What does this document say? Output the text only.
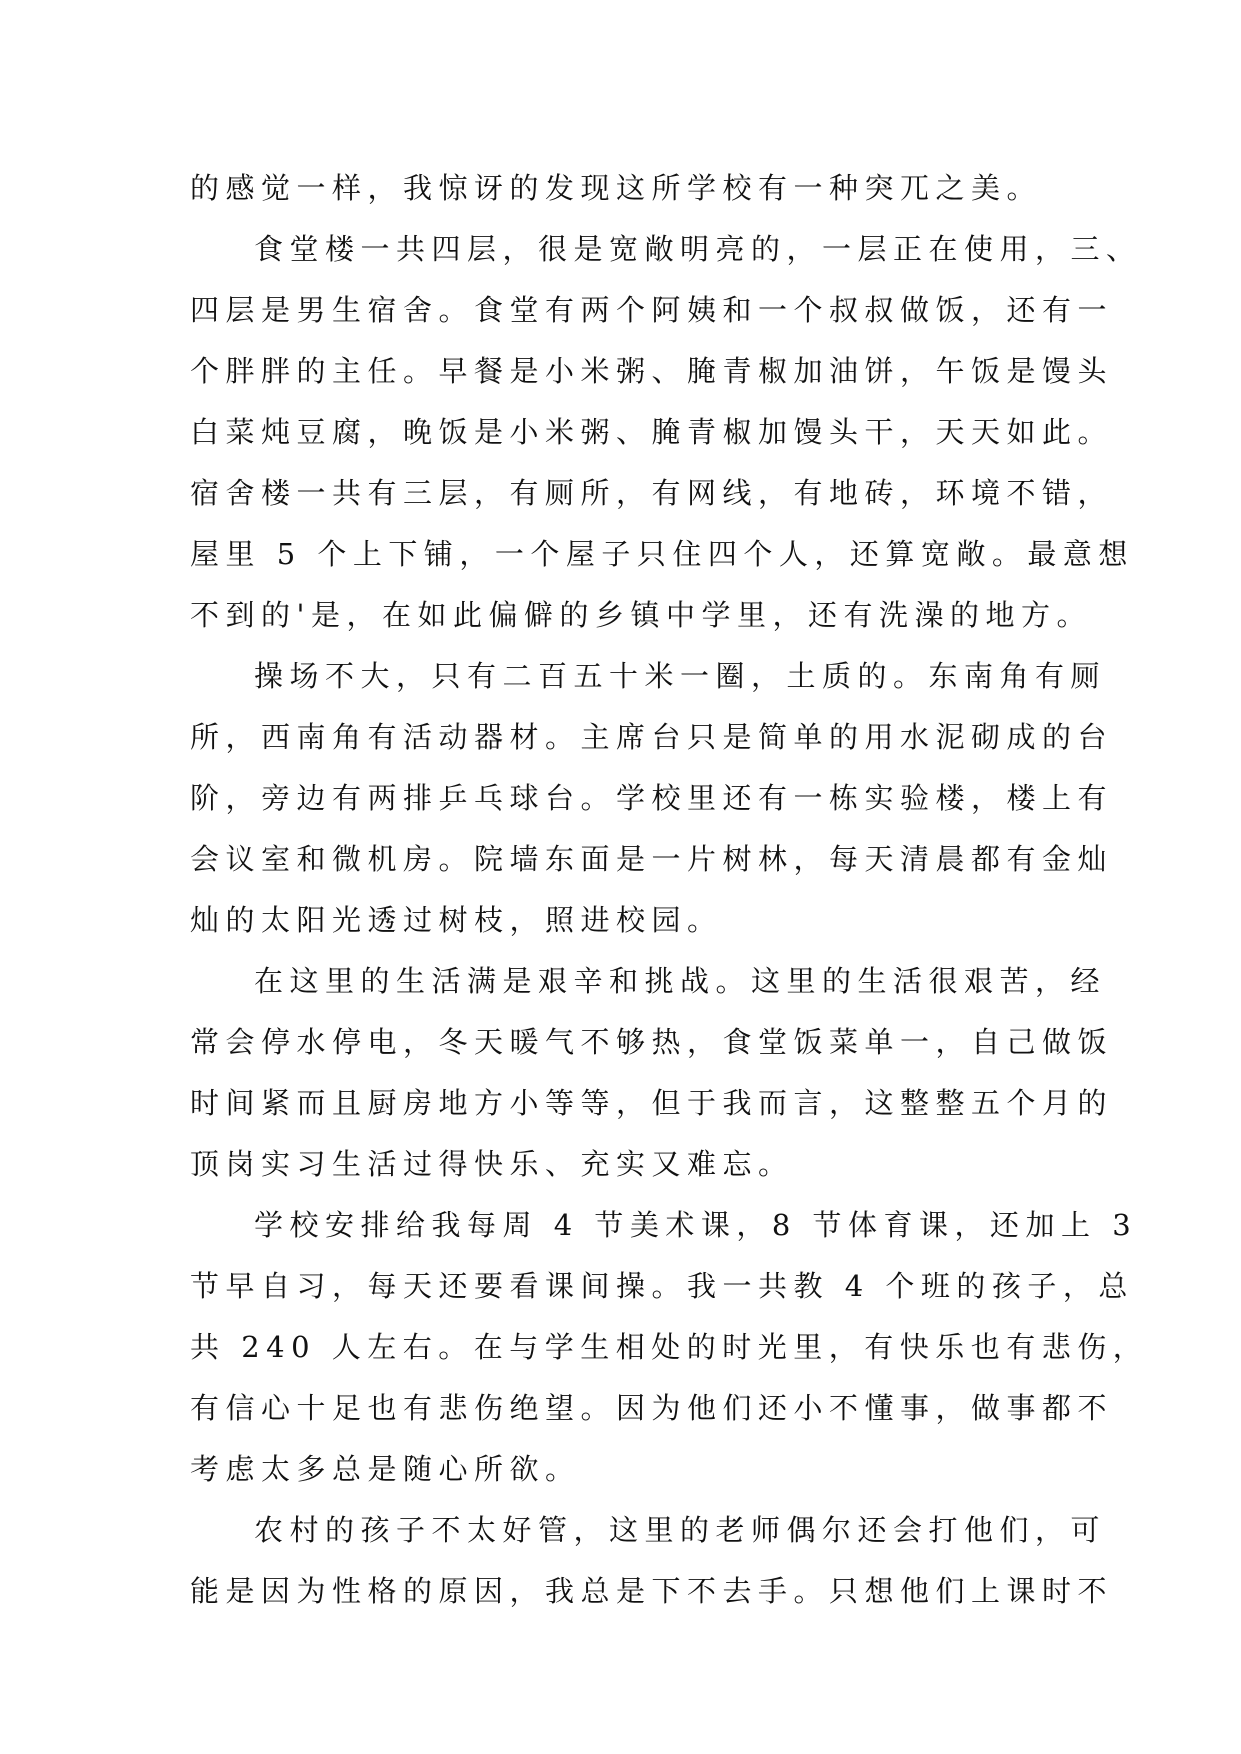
的感觉一样，我惊讶的发现这所学校有一种突兀之美。
食堂楼一共四层，很是宽敞明亮的，一层正在使用，三、
四层是男生宿舍。食堂有两个阿姨和一个叔叔做饭，还有一
个胖胖的主任。早餐是小米粥、腌青椒加油饼，午饭是馒头
白菜炖豆腐，晚饭是小米粥、腌青椒加馒头干，天天如此。
宿舍楼一共有三层，有厕所，有网线，有地砖，环境不错，
屋里 5 个上下铺，一个屋子只住四个人，还算宽敞。最意想
不到的'是，在如此偏僻的乡镇中学里，还有洗澡的地方。
操场不大，只有二百五十米一圈，土质的。东南角有厕
所，西南角有活动器材。主席台只是简单的用水泥砌成的台
阶，旁边有两排乒乓球台。学校里还有一栋实验楼，楼上有
会议室和微机房。院墙东面是一片树林，每天清晨都有金灿
灿的太阳光透过树枝，照进校园。
在这里的生活满是艰辛和挑战。这里的生活很艰苦，经
常会停水停电，冬天暖气不够热，食堂饭菜单一，自己做饭
时间紧而且厨房地方小等等，但于我而言，这整整五个月的
顶岗实习生活过得快乐、充实又难忘。
学校安排给我每周 4 节美术课，8 节体育课，还加上 3
节早自习，每天还要看课间操。我一共教 4 个班的孩子，总
共 240 人左右。在与学生相处的时光里，有快乐也有悲伤，
有信心十足也有悲伤绝望。因为他们还小不懂事，做事都不
考虑太多总是随心所欲。
农村的孩子不太好管，这里的老师偶尔还会打他们，可
能是因为性格的原因，我总是下不去手。只想他们上课时不
